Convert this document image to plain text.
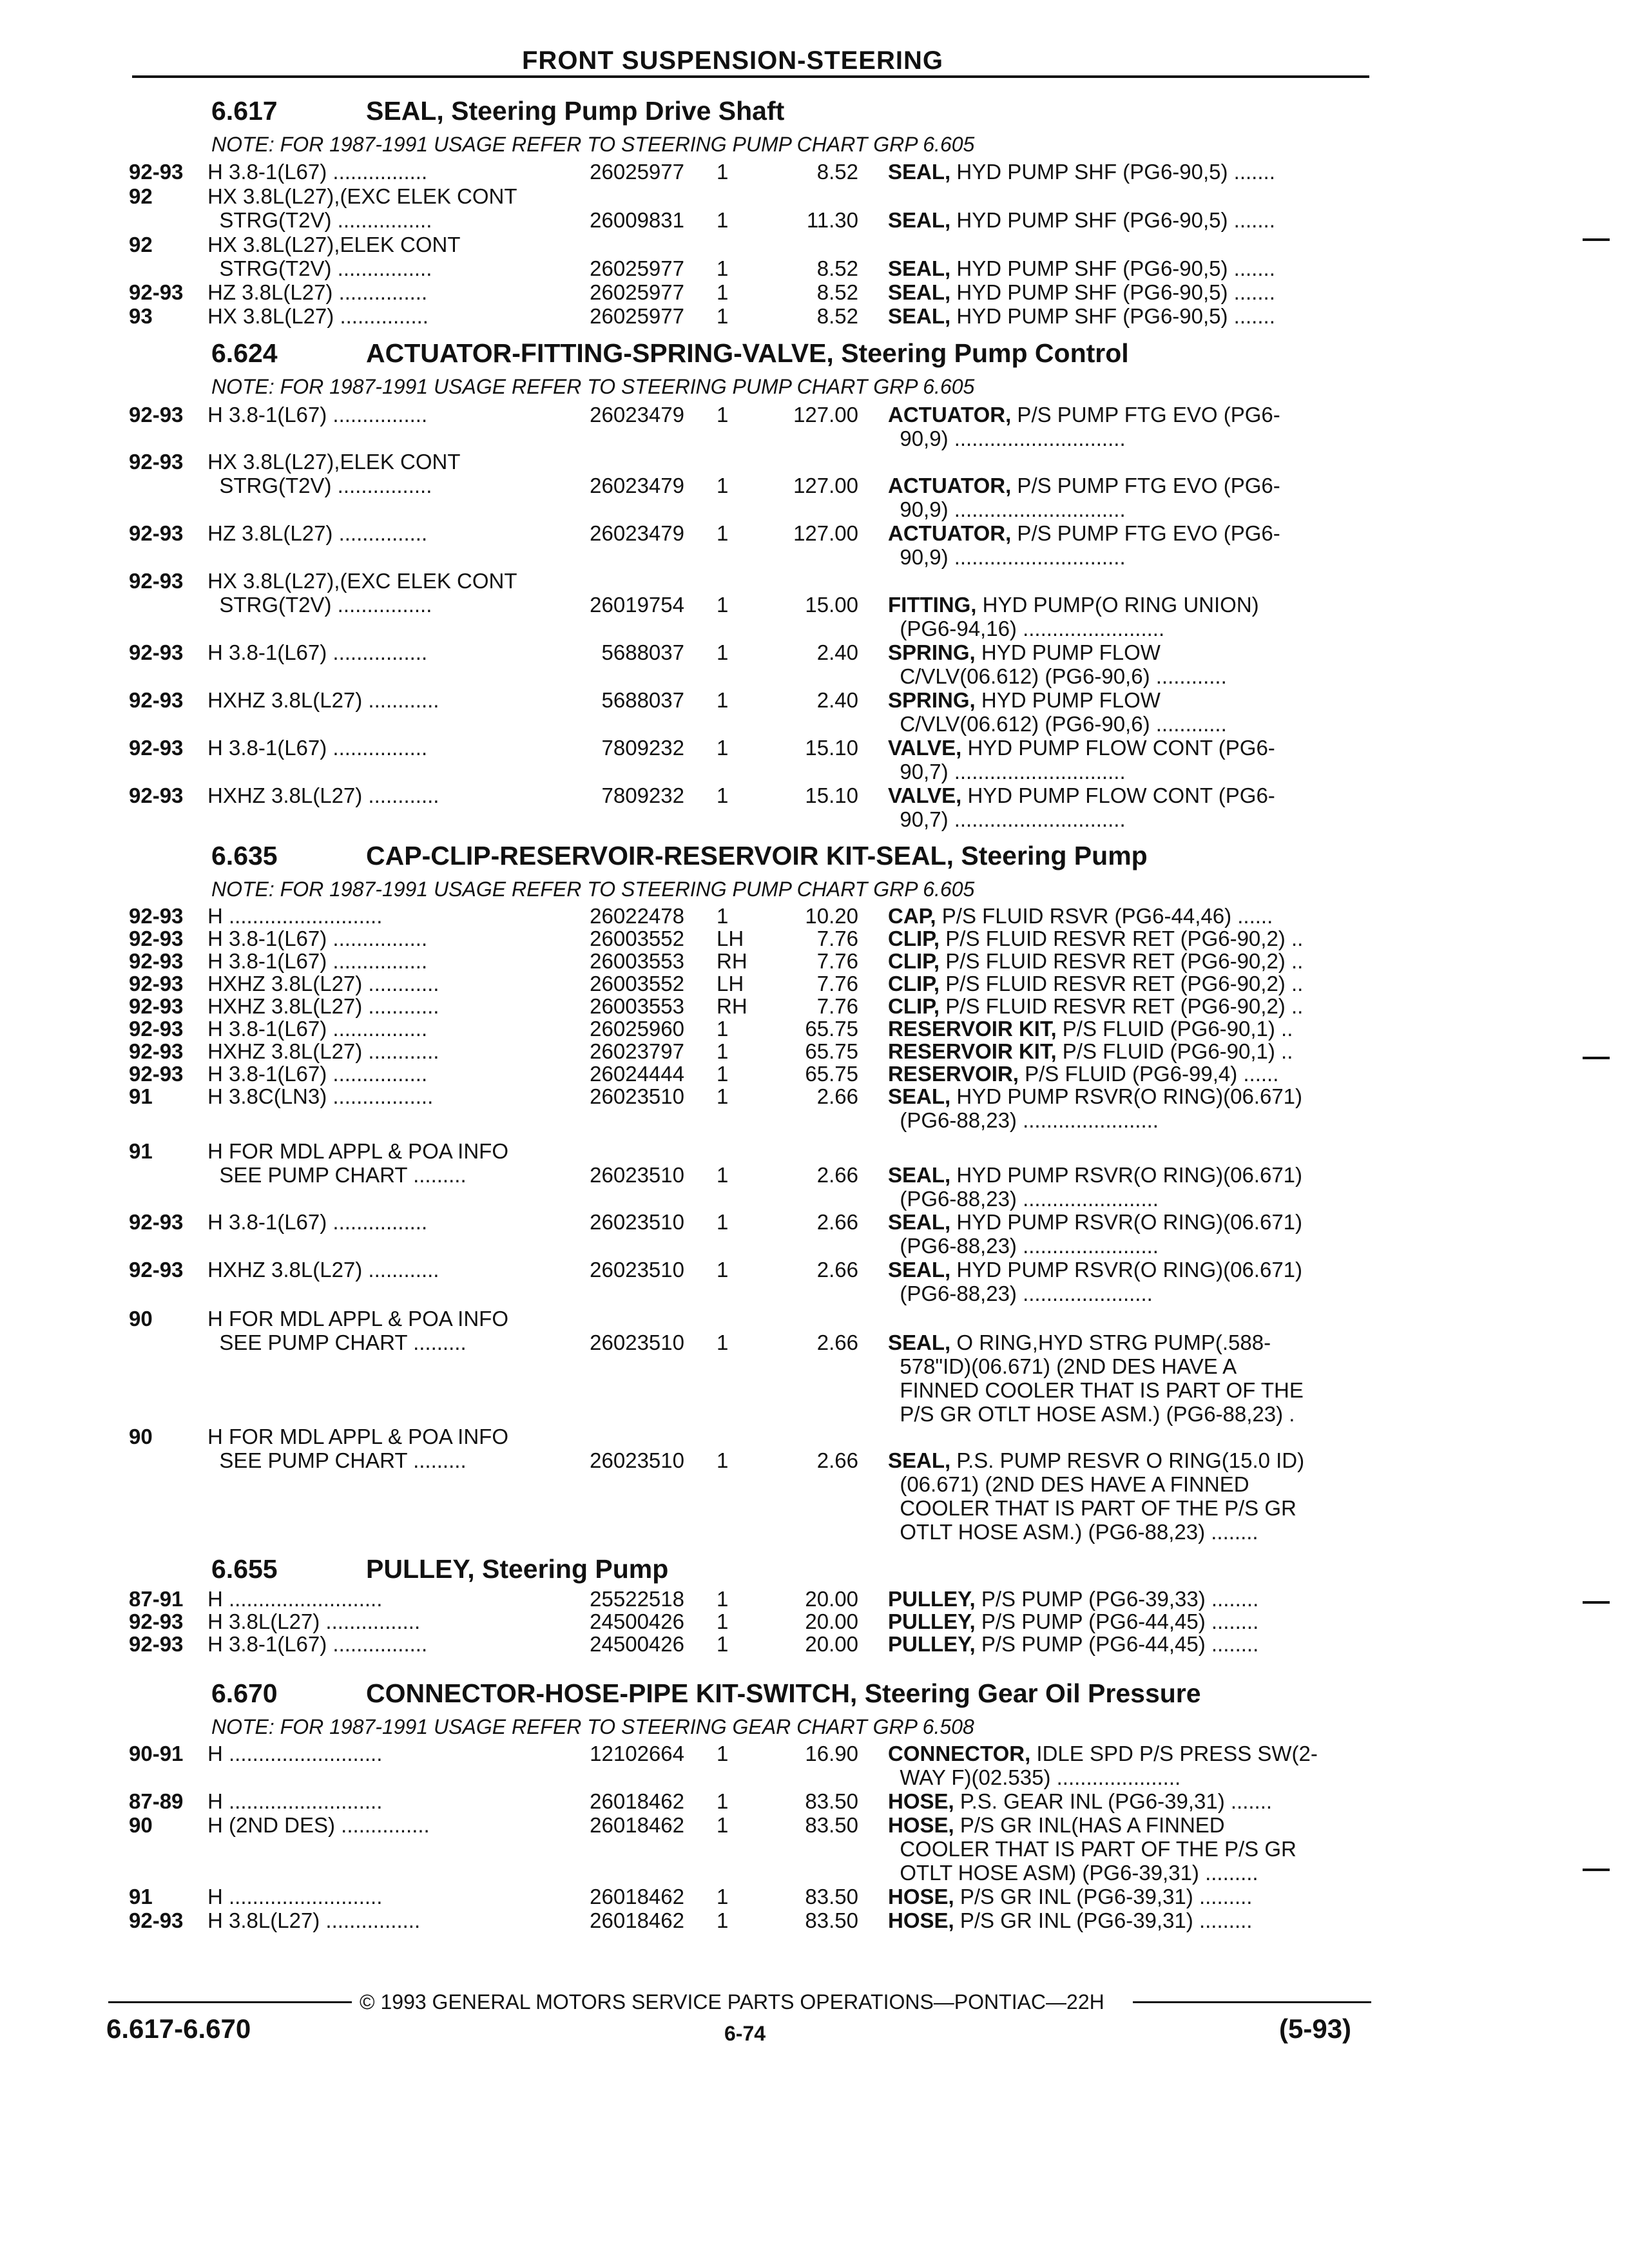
FRONT SUSPENSION-STEERING
6.617	SEAL, Steering Pump Drive Shaft
NOTE: FOR 1987-1991 USAGE REFER TO STEERING PUMP CHART GRP 6.605
6.624	ACTUATOR-FITTING-SPRING-VALVE, Steering Pump Control
NOTE: FOR 1987-1991 USAGE REFER TO STEERING PUMP CHART GRP 6.605
6.635	CAP-CLIP-RESERVOIR-RESERVOIR KIT-SEAL, Steering Pump
NOTE: FOR 1987-1991 USAGE REFER TO STEERING PUMP CHART GRP 6.605
6.655	PULLEY, Steering Pump
6.670	CONNECTOR-HOSE-PIPE KIT-SWITCH, Steering Gear Oil Pressure
NOTE: FOR 1987-1991 USAGE REFER TO STEERING GEAR CHART GRP 6.508
92-93 H 3.8-1(L67) ................	26025977 1	8.52 SEAL, HYD PUMP SHF (PG6-90,5) .......
92	HX 3.8L(L27),(EXC ELEK CONT
STRG(T2V) ................	26009831 1	11.30 SEAL, HYD PUMP SHF (PG6-90,5) .......
92	HX 3.8L(L27),ELEK CONT
STRG(T2V) ................	26025977 1	8.52 SEAL, HYD PUMP SHF (PG6-90,5) .......
92-93 HZ 3.8L(L27) ...............	26025977 1	8.52 SEAL, HYD PUMP SHF (PG6-90,5) .......
93	HX 3.8L(L27) ...............	26025977 1	8.52 SEAL, HYD PUMP SHF (PG6-90,5) .......
92-93 H 3.8-1(L67) ................	26023479 1	127.00 ACTUATOR, P/S PUMP FTG EVO (PG6-
90,9) .............................
92-93 HX 3.8L(L27),ELEK CONT
STRG(T2V) ................	26023479 1	127.00 ACTUATOR, P/S PUMP FTG EVO (PG6-
90,9) .............................
92-93 HZ 3.8L(L27) ...............	26023479 1	127.00 ACTUATOR, P/S PUMP FTG EVO (PG6-
90,9) .............................
92-93 HX 3.8L(L27),(EXC ELEK CONT
STRG(T2V) ................	26019754 1	15.00 FITTING, HYD PUMP(O RING UNION)
(PG6-94,16) ........................
92-93 H 3.8-1(L67) ................	5688037 1	2.40 SPRING, HYD PUMP FLOW
C/VLV(06.612) (PG6-90,6) ............
92-93 HXHZ 3.8L(L27) ............	5688037 1	2.40 SPRING, HYD PUMP FLOW
C/VLV(06.612) (PG6-90,6) ............
92-93 H 3.8-1(L67) ................	7809232 1	15.10 VALVE, HYD PUMP FLOW CONT (PG6-
90,7) .............................
92-93 HXHZ 3.8L(L27) ............	7809232 1	15.10 VALVE, HYD PUMP FLOW CONT (PG6-
90,7) .............................
92-93 H ..........................	26022478 1	10.20 CAP, P/S FLUID RSVR (PG6-44,46) ......
92-93 H 3.8-1(L67) ................	26003552 LH	7.76 CLIP, P/S FLUID RESVR RET (PG6-90,2) ..
92-93 H 3.8-1(L67) ................	26003553 RH	7.76 CLIP, P/S FLUID RESVR RET (PG6-90,2) ..
92-93 HXHZ 3.8L(L27) ............	26003552 LH	7.76 CLIP, P/S FLUID RESVR RET (PG6-90,2) ..
92-93 HXHZ 3.8L(L27) ............	26003553 RH	7.76 CLIP, P/S FLUID RESVR RET (PG6-90,2) ..
92-93 H 3.8-1(L67) ................	26025960 1	65.75 RESERVOIR KIT, P/S FLUID (PG6-90,1) ..
92-93 HXHZ 3.8L(L27) ............	26023797 1	65.75 RESERVOIR KIT, P/S FLUID (PG6-90,1) ..
92-93 H 3.8-1(L67) ................	26024444 1	65.75 RESERVOIR, P/S FLUID (PG6-99,4) ......
91	H 3.8C(LN3) .................	26023510 1	2.66 SEAL, HYD PUMP RSVR(O RING)(06.671)
(PG6-88,23) .......................
91	H FOR MDL APPL & POA INFO
SEE PUMP CHART .........	26023510 1	2.66 SEAL, HYD PUMP RSVR(O RING)(06.671)
(PG6-88,23) .......................
92-93 H 3.8-1(L67) ................	26023510 1	2.66 SEAL, HYD PUMP RSVR(O RING)(06.671)
(PG6-88,23) .......................
92-93 HXHZ 3.8L(L27) ............	26023510 1	2.66 SEAL, HYD PUMP RSVR(O RING)(06.671)
(PG6-88,23) ......................
90	H FOR MDL APPL & POA INFO
SEE PUMP CHART .........	26023510 1	2.66 SEAL, O RING,HYD STRG PUMP(.588-
578"ID)(06.671) (2ND DES HAVE A
FINNED COOLER THAT IS PART OF THE
P/S GR OTLT HOSE ASM.) (PG6-88,23) .
90	H FOR MDL APPL & POA INFO
SEE PUMP CHART .........	26023510 1	2.66 SEAL, P.S. PUMP RESVR O RING(15.0 ID)
(06.671) (2ND DES HAVE A FINNED
COOLER THAT IS PART OF THE P/S GR
OTLT HOSE ASM.) (PG6-88,23) ........
87-91 H ..........................	25522518 1	20.00 PULLEY, P/S PUMP (PG6-39,33) ........
92-93 H 3.8L(L27) ................	24500426 1	20.00 PULLEY, P/S PUMP (PG6-44,45) ........
92-93 H 3.8-1(L67) ................	24500426 1	20.00 PULLEY, P/S PUMP (PG6-44,45) ........
90-91 H ..........................	12102664 1	16.90 CONNECTOR, IDLE SPD P/S PRESS SW(2-
WAY F)(02.535) .....................
87-89 H ..........................	26018462 1	83.50 HOSE, P.S. GEAR INL (PG6-39,31) .......
90	H (2ND DES) ...............	26018462 1	83.50 HOSE, P/S GR INL(HAS A FINNED
COOLER THAT IS PART OF THE P/S GR
OTLT HOSE ASM) (PG6-39,31) .........
91	H ..........................	26018462 1	83.50 HOSE, P/S GR INL (PG6-39,31) .........
92-93 H 3.8L(L27) ................	26018462 1	83.50 HOSE, P/S GR INL (PG6-39,31) .........
© 1993 GENERAL MOTORS SERVICE PARTS OPERATIONS—PONTIAC—22H
6.617-6.670	6-74	(5-93)
